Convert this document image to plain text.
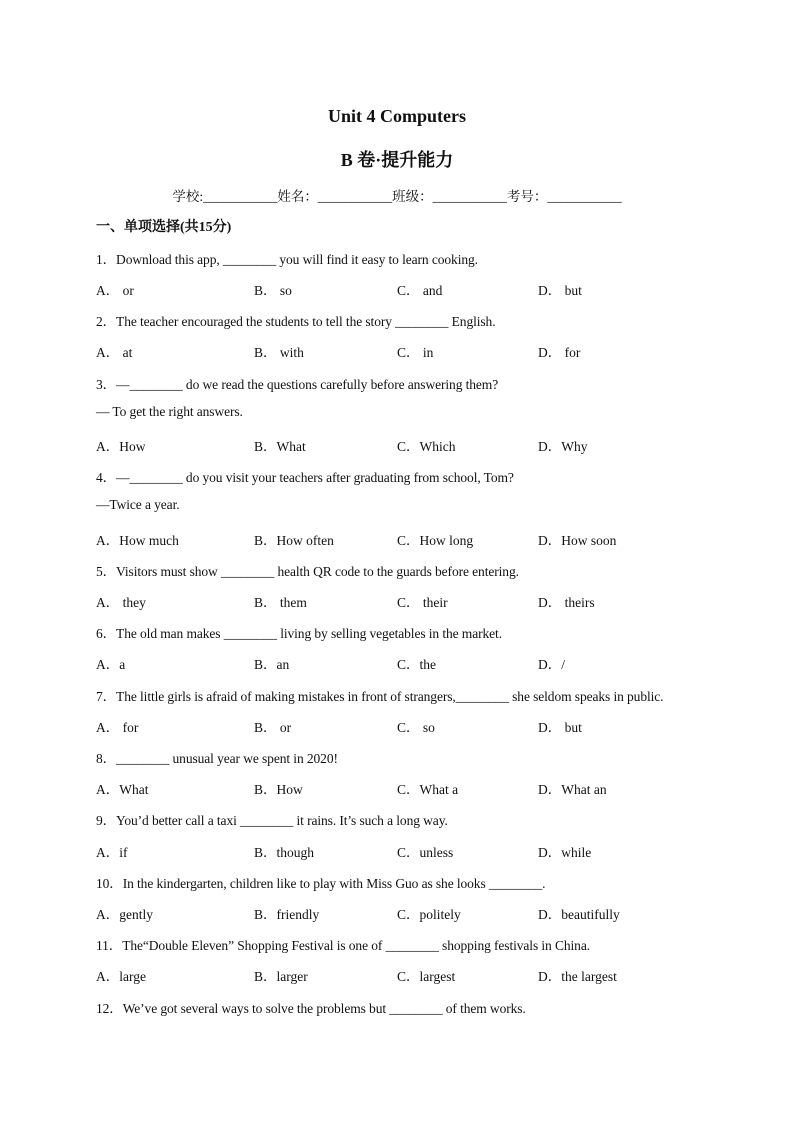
Unit 4 Computers
B 卷·提升能力
学校:___________姓名：___________班级：___________考号：___________
一、单项选择(共15分)
1．Download this app, ________ you will find it easy to learn cooking.
A． or	B． so	C． and	D． but
2．The teacher encouraged the students to tell the story ________ English.
A． at	B． with	C． in	D． for
3．—________ do we read the questions carefully before answering them?
— To get the right answers.
A．How	B．What	C．Which	D．Why
4．—________ do you visit your teachers after graduating from school, Tom?
—Twice a year.
A．How much	B．How often	C．How long	D．How soon
5．Visitors must show ________ health QR code to the guards before entering.
A． they	B． them	C． their	D． theirs
6．The old man makes ________ living by selling vegetables in the market.
A．a	B．an	C．the	D．/
7．The little girls is afraid of making mistakes in front of strangers,________ she seldom speaks in public.
A． for	B． or	C． so	D． but
8．________ unusual year we spent in 2020!
A．What	B．How	C．What a	D．What an
9．You’d better call a taxi ________ it rains. It’s such a long way.
A．if	B．though	C．unless	D．while
10．In the kindergarten, children like to play with Miss Guo as she looks ________.
A．gently	B．friendly	C．politely	D．beautifully
11．The“Double Eleven” Shopping Festival is one of ________ shopping festivals in China.
A．large	B．larger	C．largest	D．the largest
12．We’ve got several ways to solve the problems but ________ of them works.
